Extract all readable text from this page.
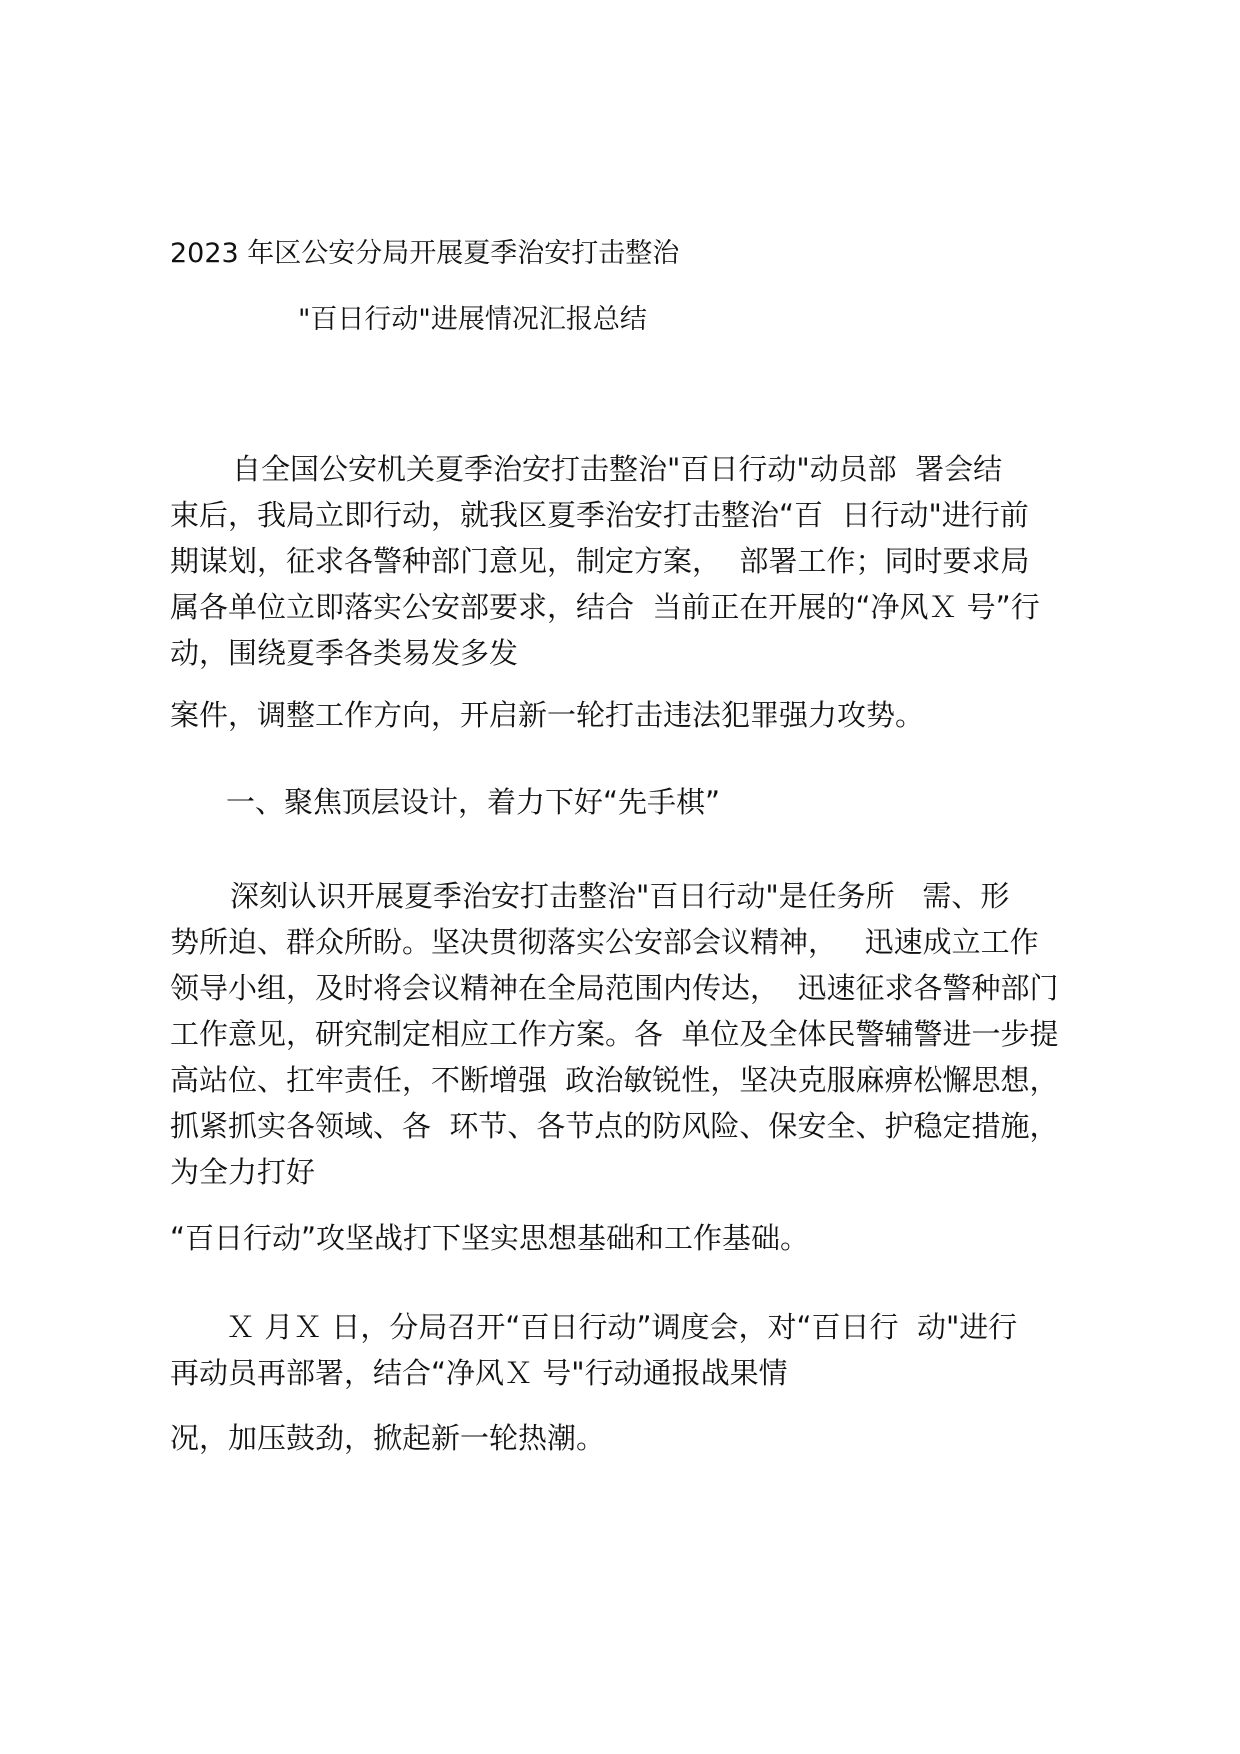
2023 年区公安分局开展夏季治安打击整治
"百日行动"进展情况汇报总结
自全国公安机关夏季治安打击整治"百日行动"动员部  署会结
束后，我局立即行动，就我区夏季治安打击整治“百  日行动"进行前
期谋划，征求各警种部门意见，制定方案，  部署工作；同时要求局
属各单位立即落实公安部要求，结合  当前正在开展的“净风Ｘ 号”行
动，围绕夏季各类易发多发
案件，调整工作方向，开启新一轮打击违法犯罪强力攻势。
一、聚焦顶层设计，着力下好“先手棋”
深刻认识开展夏季治安打击整治"百日行动"是任务所   需、形
势所迫、群众所盼。坚决贯彻落实公安部会议精神，   迅速成立工作
领导小组，及时将会议精神在全局范围内传达，  迅速征求各警种部门
工作意见，研究制定相应工作方案。各  单位及全体民警辅警进一步提
高站位、扛牢责任，不断增强  政治敏锐性，坚决克服麻痹松懈思想，
抓紧抓实各领域、各  环节、各节点的防风险、保安全、护稳定措施，
为全力打好
“百日行动”攻坚战打下坚实思想基础和工作基础。
Ｘ 月Ｘ 日，分局召开“百日行动”调度会，对“百日行  动"进行
再动员再部署，结合“净风Ｘ 号"行动通报战果情
况，加压鼓劲，掀起新一轮热潮。
